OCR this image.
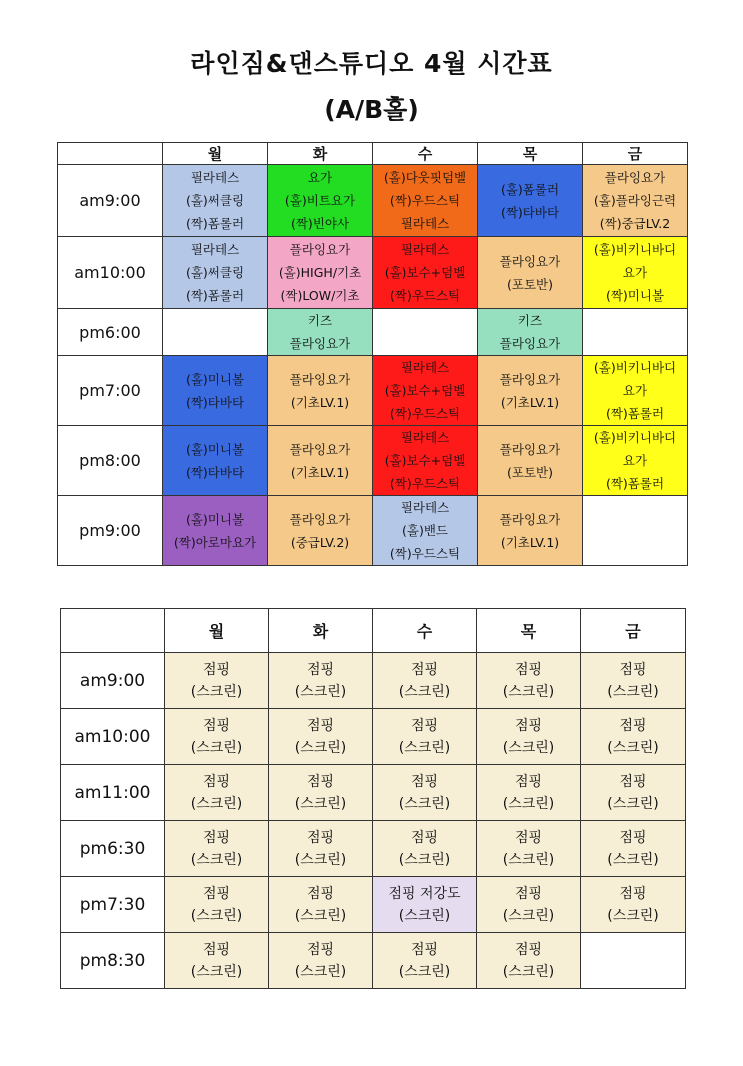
라인짐&댄스튜디오 4월 시간표
(A/B홀)
	월	화	수	목	금
am9:00	필라테스
(홀)써클링
(짝)폼롤러	요가
(홀)비트요가
(짝)빈야사	(홀)다웃핏덤벨
(짝)우드스틱
필라테스	(홀)폼롤러
(짝)타바타	플라잉요가
(홀)플라잉근력
(짝)중급LV.2

am10:00	필라테스
(홀)써클링
(짝)폼롤러	플라잉요가
(홀)HIGH/기초
(짝)LOW/기초	필라테스
(홀)보수+덤벨
(짝)우드스틱	플라잉요가
(포토반)	(홀)비키니바디
요가
(짝)미니볼

pm6:00		키즈
플라잉요가		키즈
플라잉요가	

pm7:00	(홀)미니볼
(짝)타바타	플라잉요가
(기초LV.1)	필라테스
(홀)보수+덤벨
(짝)우드스틱	플라잉요가
(기초LV.1)	(홀)비키니바디
요가
(짝)폼롤러

pm8:00	(홀)미니볼
(짝)타바타	플라잉요가
(기초LV.1)	필라테스
(홀)보수+덤벨
(짝)우드스틱	플라잉요가
(포토반)	(홀)비키니바디
요가
(짝)폼롤러

pm9:00	(홀)미니볼
(짝)아로마요가	플라잉요가
(중급LV.2)	필라테스
(홀)밴드
(짝)우드스틱	플라잉요가
(기초LV.1)	

	월	화	수	목	금
am9:00	점핑
(스크린)	점핑
(스크린)	점핑
(스크린)	점핑
(스크린)	점핑
(스크린)

am10:00	점핑
(스크린)	점핑
(스크린)	점핑
(스크린)	점핑
(스크린)	점핑
(스크린)

am11:00	점핑
(스크린)	점핑
(스크린)	점핑
(스크린)	점핑
(스크린)	점핑
(스크린)

pm6:30	점핑
(스크린)	점핑
(스크린)	점핑
(스크린)	점핑
(스크린)	점핑
(스크린)

pm7:30	점핑
(스크린)	점핑
(스크린)	점핑 저강도
(스크린)	점핑
(스크린)	점핑
(스크린)

pm8:30	점핑
(스크린)	점핑
(스크린)	점핑
(스크린)	점핑
(스크린)	
